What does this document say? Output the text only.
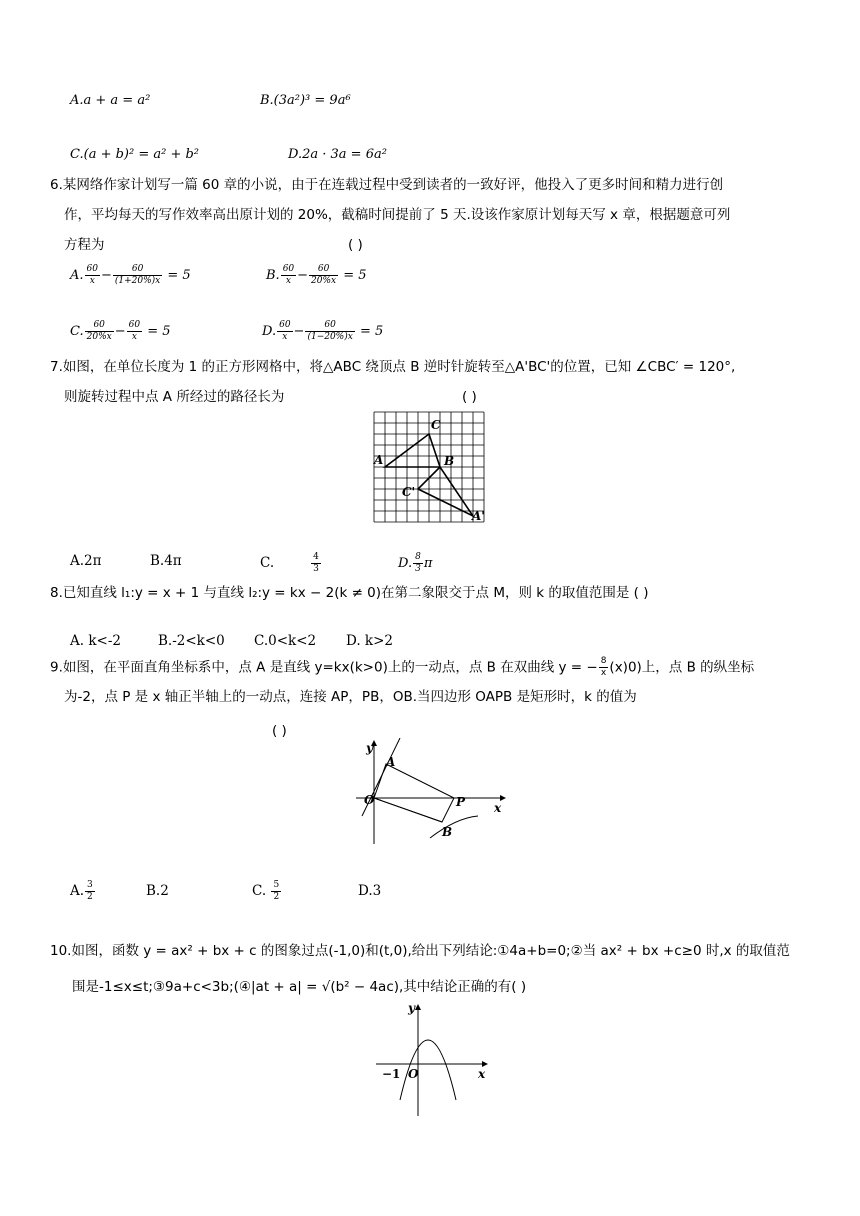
A.a + a = a²	B.(3a²)³ = 9a⁶
C.(a + b)² = a² + b²	D.2a · 3a = 6a²
6.某网络作家计划写一篇 60 章的小说，由于在连载过程中受到读者的一致好评，他投入了更多时间和精力进行创
作，平均每天的写作效率高出原计划的 20%，截稿时间提前了 5 天.设该作家原计划每天写 x 章，根据题意可列
方程为	( )
A. $\frac{60}{x} - \frac{60}{(1+20\%)x} = 5$	B. $\frac{60}{x} - \frac{60}{20\%x} = 5$
C. $\frac{60}{20\%x} - \frac{60}{x} = 5$	D. $\frac{60}{x} - \frac{60}{(1-20\%)x} = 5$
7.如图，在单位长度为 1 的正方形网格中，将△ABC 绕顶点 B 逆时针旋转至△A'BC'的位置，已知 ∠CBC′ = 120°,
则旋转过程中点 A 所经过的路径长为	( )
A	B
C
C'
A'
A.2π	B.4π	C.	$\frac{4}{3}$	D. $\frac{8}{3}$ π
8.已知直线 l₁:y = x + 1 与直线 l₂:y = kx − 2(k ≠ 0)在第二象限交于点 M，则 k 的取值范围是 ( )
A. k<-2	B.-2<k<0 C.0<k<2 D. k>2
9.如图，在平面直角坐标系中，点 A 是直线 y=kx(k>0)上的一动点，点 B 在双曲线 y = − $\frac{8}{x} (x)0$)上，点 B 的纵坐标
为-2，点 P 是 x 轴正半轴上的一动点，连接 AP，PB，OB.当四边形 OAPB 是矩形时，k 的值为
( )
y
x
O
A
P
B
A. $\frac{3}{2}$	B.2	C. $\frac{5}{2}$	D.3
10.如图，函数 y = ax² + bx + c 的图象过点(-1,0)和(t,0),给出下列结论:①4a+b=0;②当 ax² + bx +c≥0 时,x 的取值范
围是-1≤x≤t;③9a+c<3b;(④|at + a| = √(b² − 4ac),其中结论正确的有( )
y
x
O
−1
